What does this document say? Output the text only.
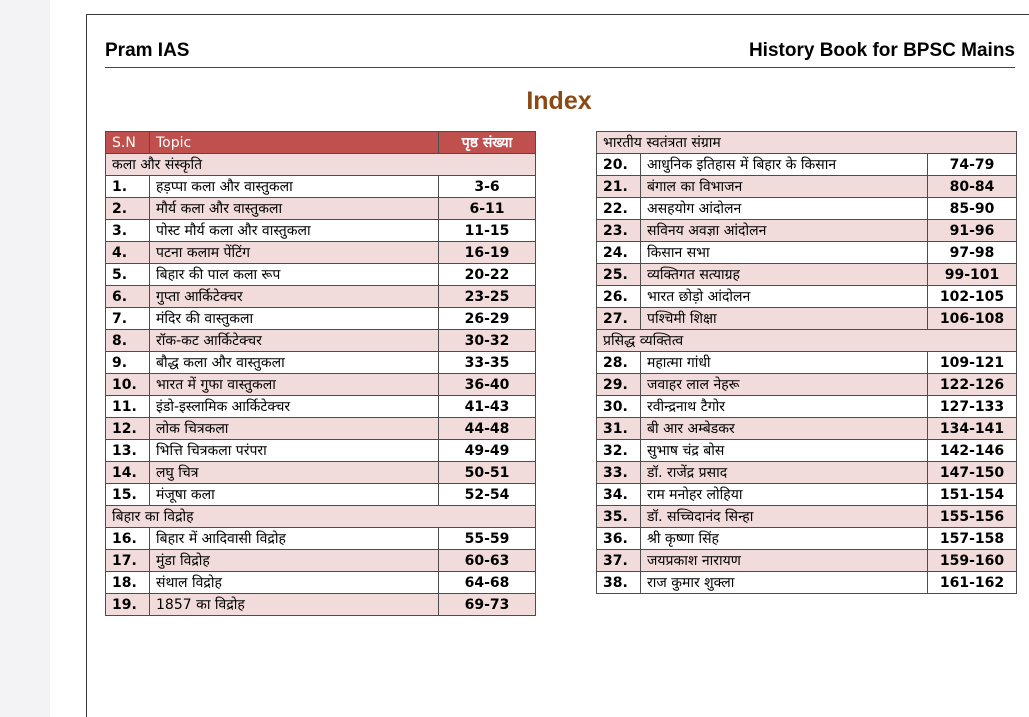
Pram IAS	History Book for BPSC Mains
Index
S.N	Topic	पृष्ठ संख्या
कला और संस्कृति		
1.	हड़प्पा कला और वास्तुकला	3-6
2.	मौर्य कला और वास्तुकला	6-11
3.	पोस्ट मौर्य कला और वास्तुकला	11-15
4.	पटना कलाम पेंटिंग	16-19
5.	बिहार की पाल कला रूप	20-22
6.	गुप्ता आर्किटेक्चर	23-25
7.	मंदिर की वास्तुकला	26-29
8.	रॉक-कट आर्किटेक्चर	30-32
9.	बौद्ध कला और वास्तुकला	33-35
10.	भारत में गुफा वास्तुकला	36-40
11.	इंडो-इस्लामिक आर्किटेक्चर	41-43
12.	लोक चित्रकला	44-48
13.	भित्ति चित्रकला परंपरा	49-49
14.	लघु चित्र	50-51
15.	मंजूषा कला	52-54
बिहार का विद्रोह		
16.	बिहार में आदिवासी विद्रोह	55-59
17.	मुंडा विद्रोह	60-63
18.	संथाल विद्रोह	64-68
19.	1857 का विद्रोह	69-73
भारतीय स्वतंत्रता संग्राम		
20.	आधुनिक इतिहास में बिहार के किसान	74-79
21.	बंगाल का विभाजन	80-84
22.	असहयोग आंदोलन	85-90
23.	सविनय अवज्ञा आंदोलन	91-96
24.	किसान सभा	97-98
25.	व्यक्तिगत सत्याग्रह	99-101
26.	भारत छोड़ो आंदोलन	102-105
27.	पश्चिमी शिक्षा	106-108
प्रसिद्ध व्यक्तित्व		
28.	महात्मा गांधी	109-121
29.	जवाहर लाल नेहरू	122-126
30.	रवीन्द्रनाथ टैगोर	127-133
31.	बी आर अम्बेडकर	134-141
32.	सुभाष चंद्र बोस	142-146
33.	डॉ. राजेंद्र प्रसाद	147-150
34.	राम मनोहर लोहिया	151-154
35.	डॉ. सच्चिदानंद सिन्हा	155-156
36.	श्री कृष्णा सिंह	157-158
37.	जयप्रकाश नारायण	159-160
38.	राज कुमार शुक्ला	161-162
